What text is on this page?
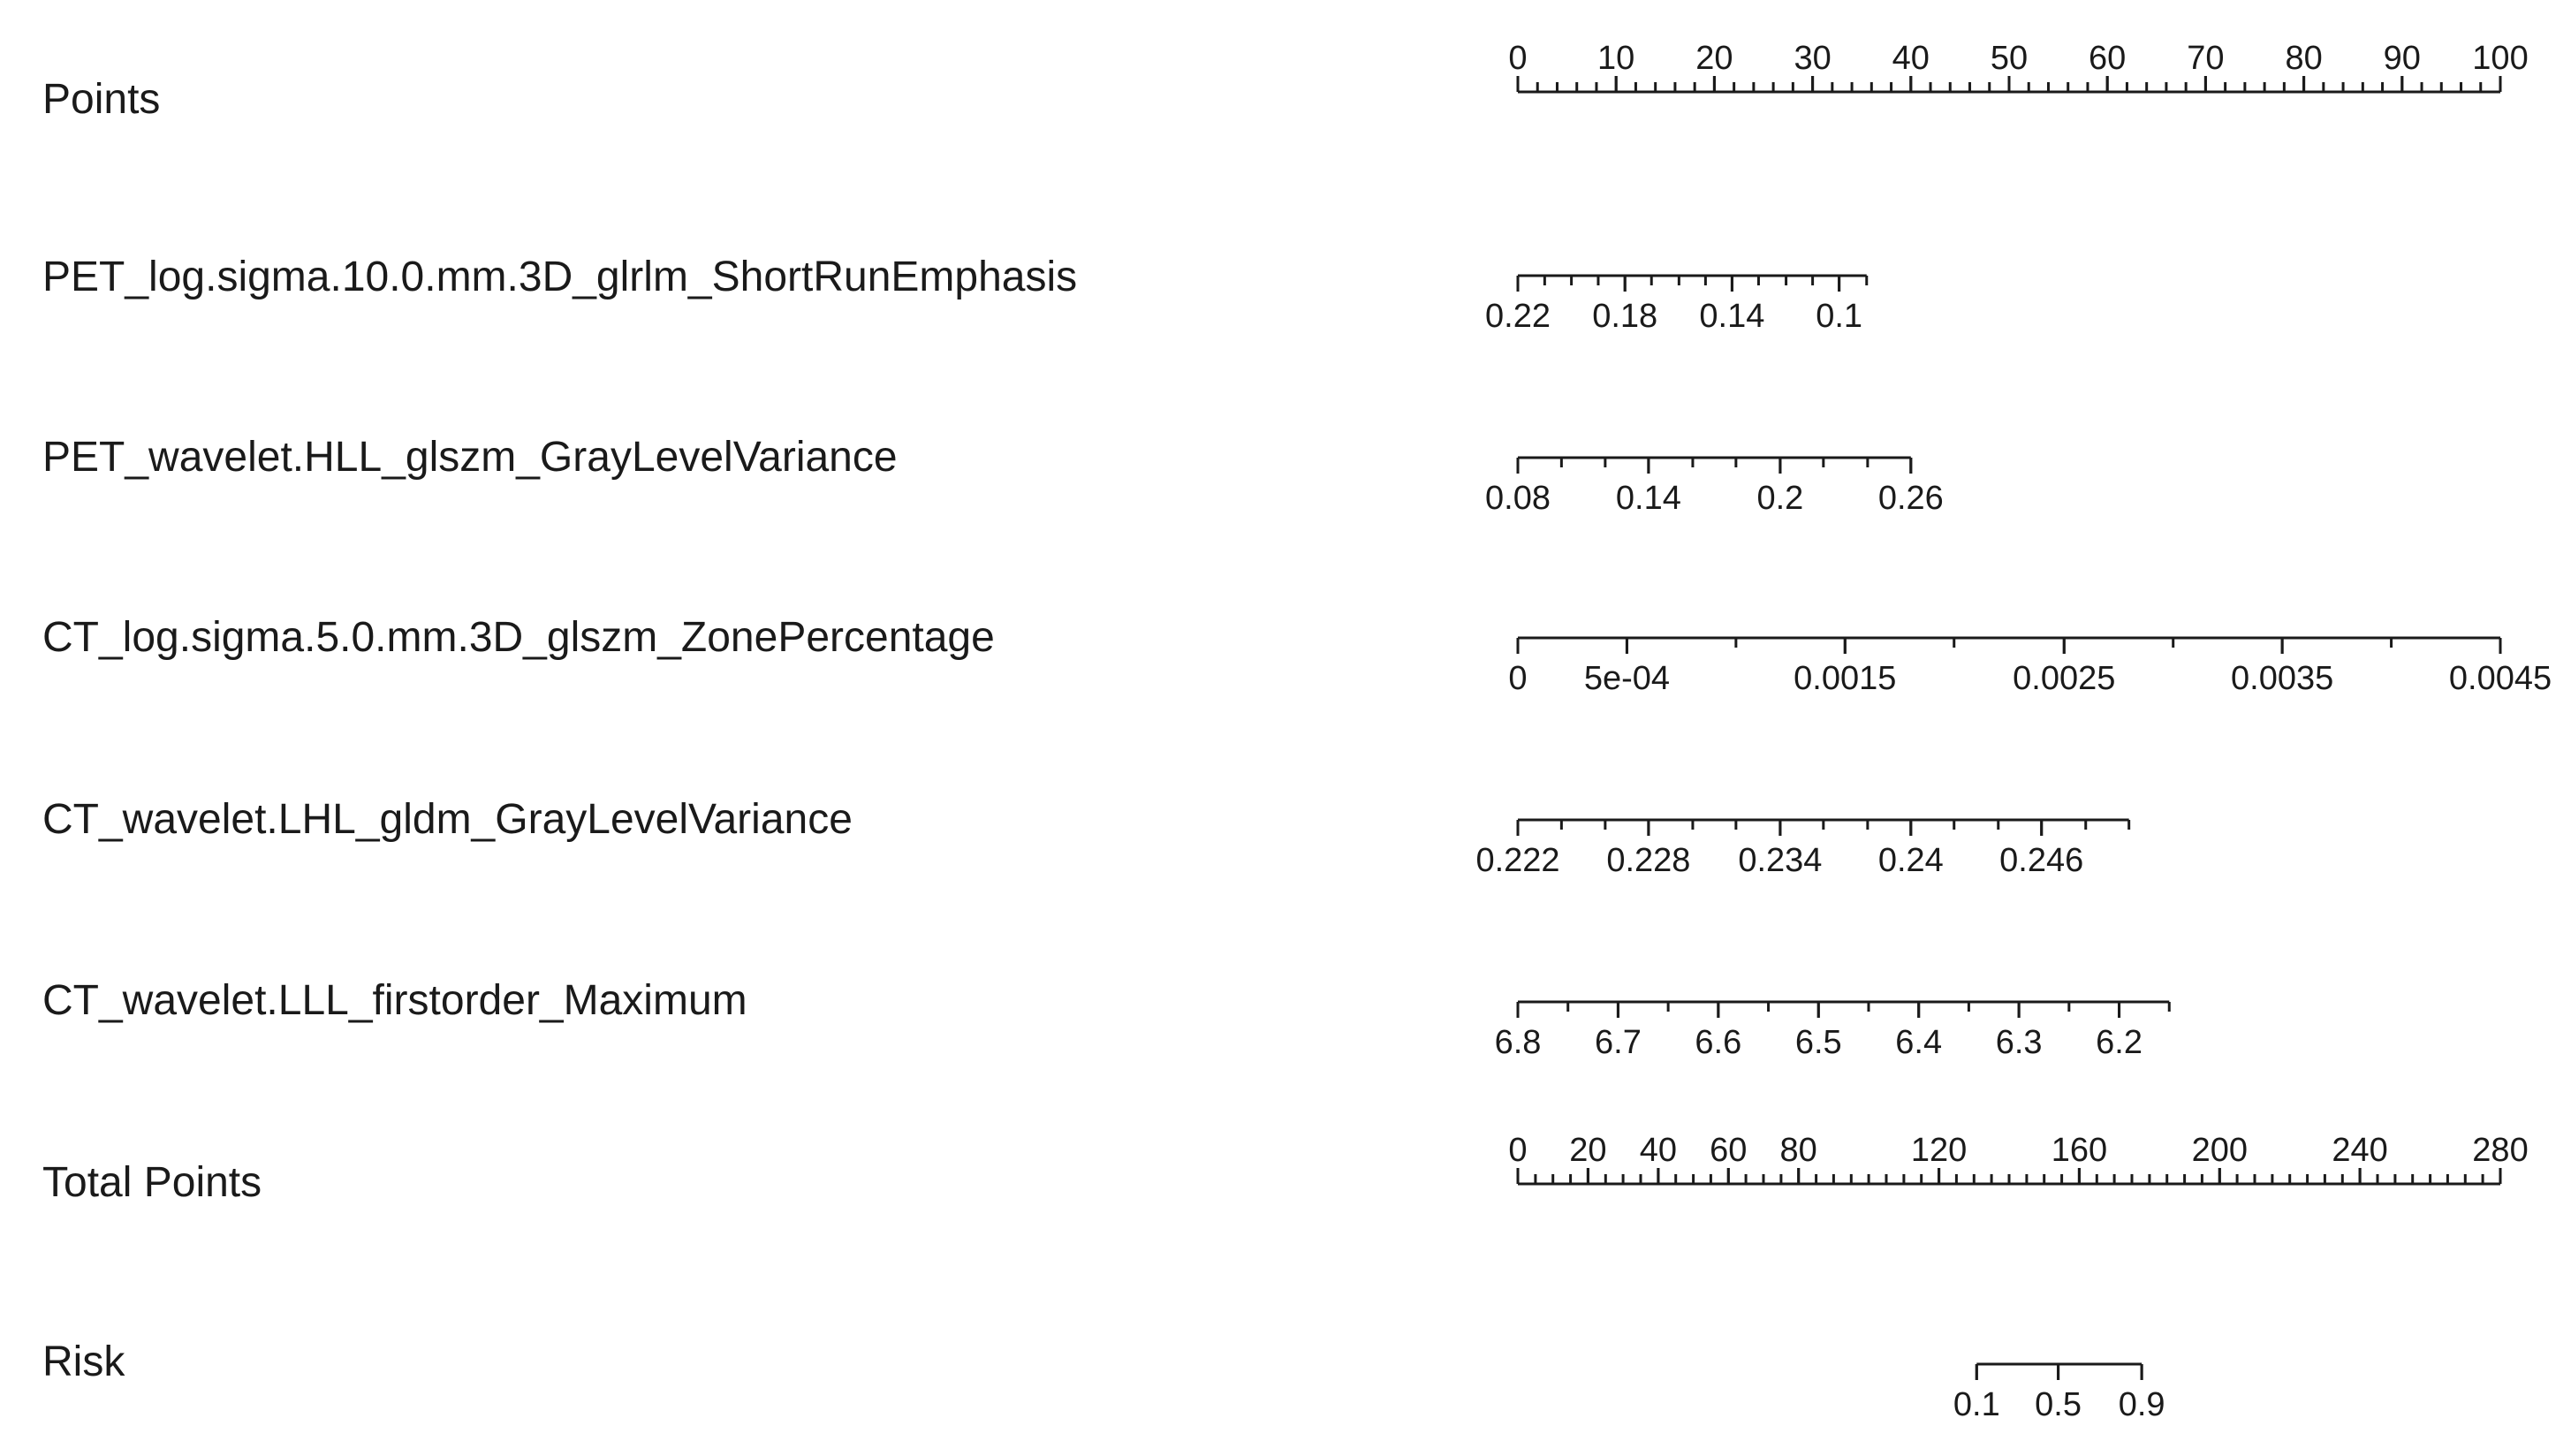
Points
0 10 20 30 40 50 60 70 80 90 100
PET_log.sigma.10.0.mm.3D_glrlm_ShortRunEmphasis
0.22 0.18 0.14 0.1
PET_wavelet.HLL_glszm_GrayLevelVariance
0.08 0.14 0.2 0.26
CT_log.sigma.5.0.mm.3D_glszm_ZonePercentage
0 5e-04	0.0015	0.0025	0.0035	0.0045
CT_wavelet.LHL_gldm_GrayLevelVariance
0.222 0.228 0.234 0.24 0.246
CT_wavelet.LLL_firstorder_Maximum
6.8 6.7 6.6 6.5 6.4 6.3 6.2
Total Points
0 20 40 60 80	120	160	200	240	280
Risk
0.1 0.5 0.9
